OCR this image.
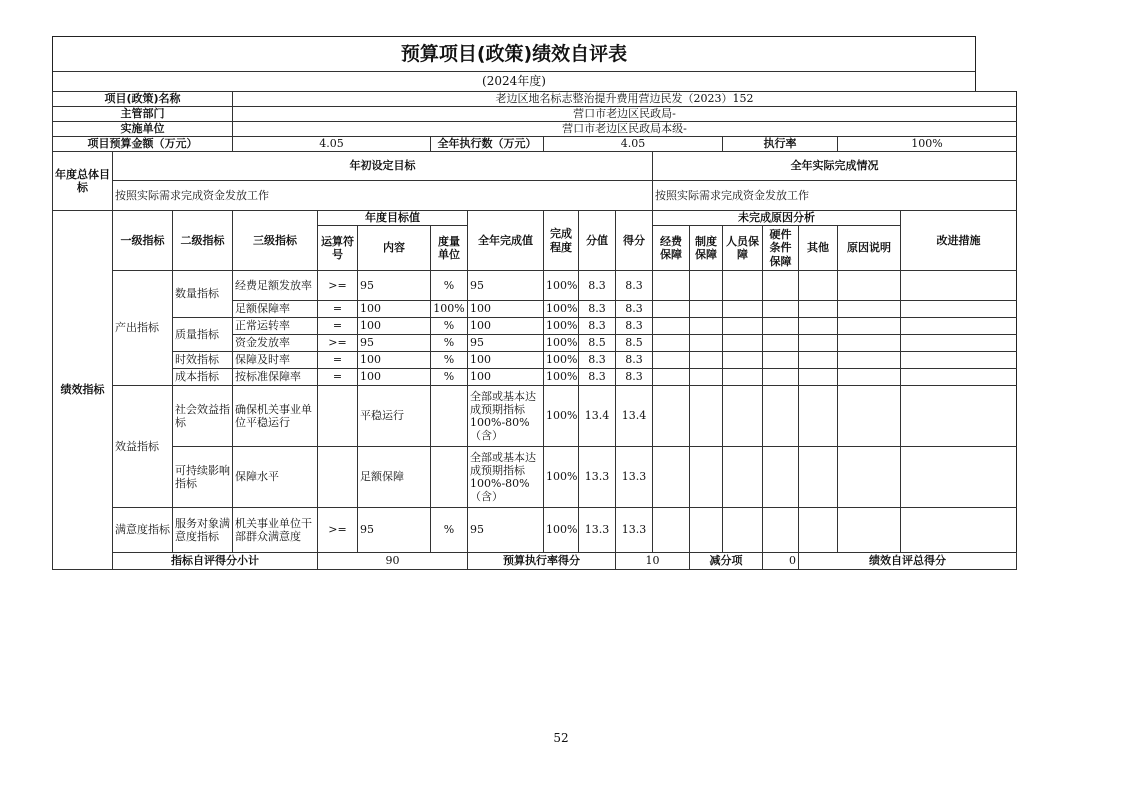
预算项目(政策)绩效自评表
(2024年度)
项目(政策)名称			老边区地名标志整治提升费用营边民发（2023）152															
主管部门			营口市老边区民政局-															
实施单位			营口市老边区民政局本级-															
项目预算金额（万元）			4.05			全年执行数（万元）		4.05					执行率			100%		
年度总体目标	年初设定目标										全年实际完成情况							
	按照实际需求完成资金发放工作										按照实际需求完成资金发放工作							
绩效指标	一级指标	二级指标	三级指标	年度目标值			全年完成值	完成程度	分值	得分	未完成原因分析						改进措施	
				运算符号	内容	度量单位					经费保障	制度保障	人员保障	硬件条件保障	其他	原因说明		
	产出指标	数量指标	经费足额发放率	>=	95	%	95	100%	8.3	8.3								
			足额保障率	=	100	100%	100	100%	8.3	8.3								
		质量指标	正常运转率	=	100	%	100	100%	8.3	8.3								
			资金发放率	>=	95	%	95	100%	8.5	8.5								
		时效指标	保障及时率	=	100	%	100	100%	8.3	8.3								
		成本指标	按标准保障率	=	100	%	100	100%	8.3	8.3								
	效益指标	社会效益指标	确保机关事业单位平稳运行		平稳运行		全部或基本达成预期指标100%-80%（含）	100%	13.4	13.4								
		可持续影响指标	保障水平		足额保障		全部或基本达成预期指标100%-80%（含）	100%	13.3	13.3								
	满意度指标	服务对象满意度指标	机关事业单位干部群众满意度	>=	95	%	95	100%	13.3	13.3								
	指标自评得分小计			90			预算执行率得分			10		减分项		0	绩效自评总得分	
52
